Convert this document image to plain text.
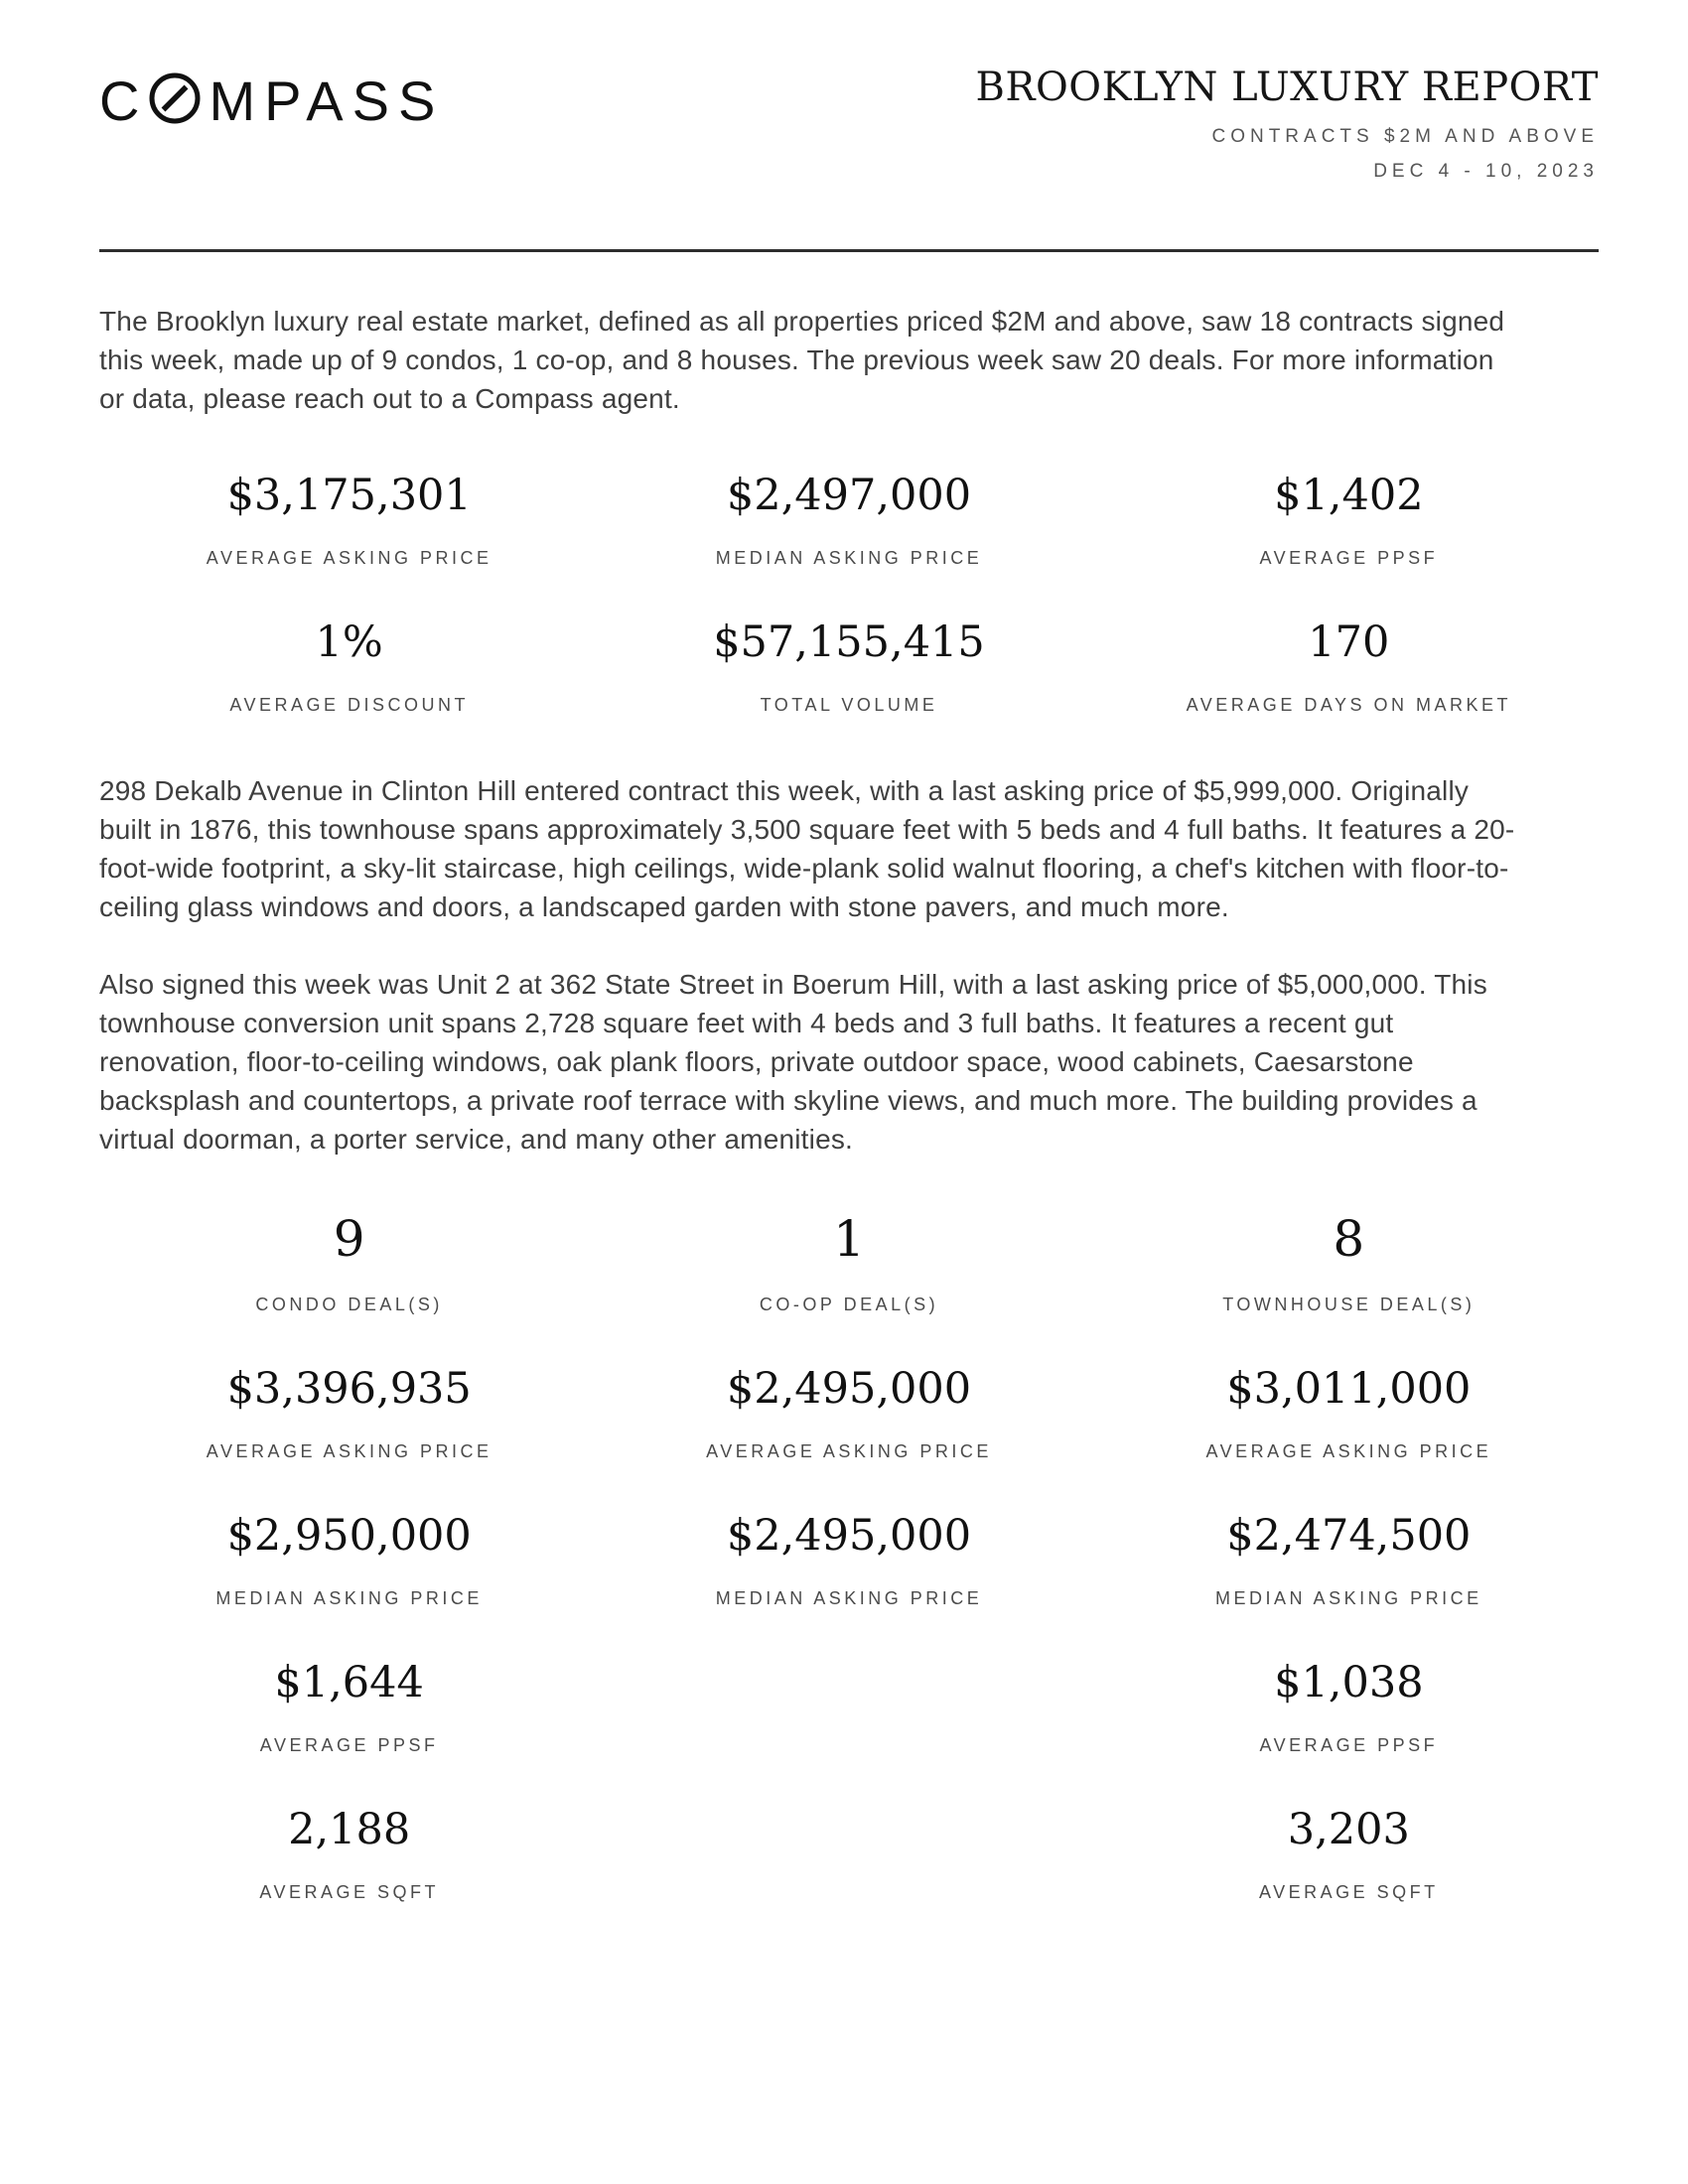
C MPASS	BROOKLYN LUXURY REPORT
CONTRACTS $2M AND ABOVE
DEC 4 - 10, 2023

The Brooklyn luxury real estate market, defined as all properties priced $2M and above, saw 18 contracts signed this week, made up of 9 condos, 1 co-op, and 8 houses. The previous week saw 20 deals. For more information or data, please reach out to a Compass agent.

$3,175,301
AVERAGE ASKING PRICE
$2,497,000
MEDIAN ASKING PRICE
$1,402
AVERAGE PPSF
1%
AVERAGE DISCOUNT
$57,155,415
TOTAL VOLUME
170
AVERAGE DAYS ON MARKET

298 Dekalb Avenue in Clinton Hill entered contract this week, with a last asking price of $5,999,000. Originally built in 1876, this townhouse spans approximately 3,500 square feet with 5 beds and 4 full baths. It features a 20-foot-wide footprint, a sky-lit staircase, high ceilings, wide-plank solid walnut flooring, a chef's kitchen with floor-to-ceiling glass windows and doors, a landscaped garden with stone pavers, and much more.

Also signed this week was Unit 2 at 362 State Street in Boerum Hill, with a last asking price of $5,000,000. This townhouse conversion unit spans 2,728 square feet with 4 beds and 3 full baths. It features a recent gut renovation, floor-to-ceiling windows, oak plank floors, private outdoor space, wood cabinets, Caesarstone backsplash and countertops, a private roof terrace with skyline views, and much more. The building provides a virtual doorman, a porter service, and many other amenities.

9
CONDO DEAL(S)
1
CO-OP DEAL(S)
8
TOWNHOUSE DEAL(S)
$3,396,935
AVERAGE ASKING PRICE
$2,495,000
AVERAGE ASKING PRICE
$3,011,000
AVERAGE ASKING PRICE
$2,950,000
MEDIAN ASKING PRICE
$2,495,000
MEDIAN ASKING PRICE
$2,474,500
MEDIAN ASKING PRICE
$1,644
AVERAGE PPSF
$1,038
AVERAGE PPSF
2,188
AVERAGE SQFT
3,203
AVERAGE SQFT
